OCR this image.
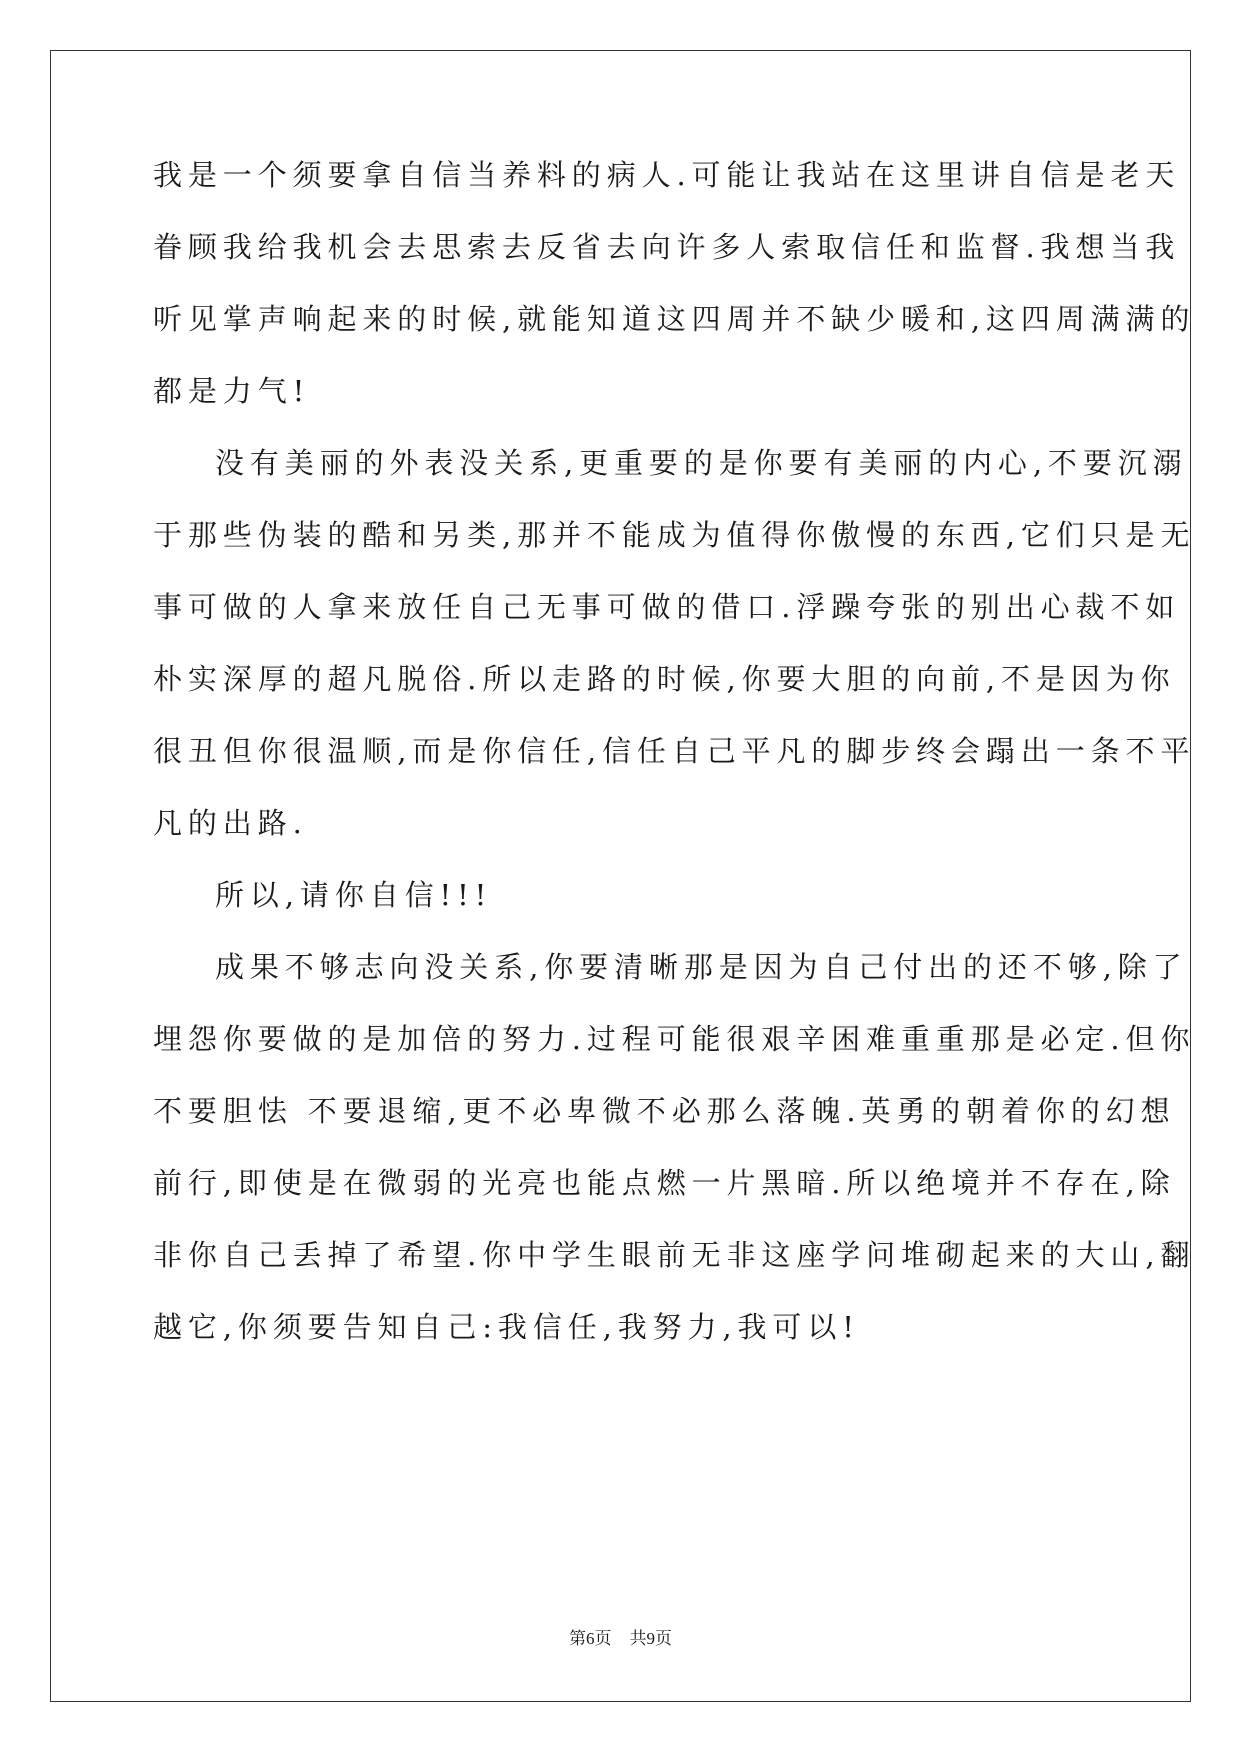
我是一个须要拿自信当养料的病人.可能让我站在这里讲自信是老天
眷顾我给我机会去思索去反省去向许多人索取信任和监督.我想当我
听见掌声响起来的时候,就能知道这四周并不缺少暖和,这四周满满的
都是力气!
没有美丽的外表没关系,更重要的是你要有美丽的内心,不要沉溺
于那些伪装的酷和另类,那并不能成为值得你傲慢的东西,它们只是无
事可做的人拿来放任自己无事可做的借口.浮躁夸张的别出心裁不如
朴实深厚的超凡脱俗.所以走路的时候,你要大胆的向前,不是因为你
很丑但你很温顺,而是你信任,信任自己平凡的脚步终会蹋出一条不平
凡的出路.
所以,请你自信!!!
成果不够志向没关系,你要清晰那是因为自己付出的还不够,除了
埋怨你要做的是加倍的努力.过程可能很艰辛困难重重那是必定.但你
不要胆怯 不要退缩,更不必卑微不必那么落魄.英勇的朝着你的幻想
前行,即使是在微弱的光亮也能点燃一片黑暗.所以绝境并不存在,除
非你自己丢掉了希望.你中学生眼前无非这座学问堆砌起来的大山,翻
越它,你须要告知自己:我信任,我努力,我可以!
第6页 共9页
